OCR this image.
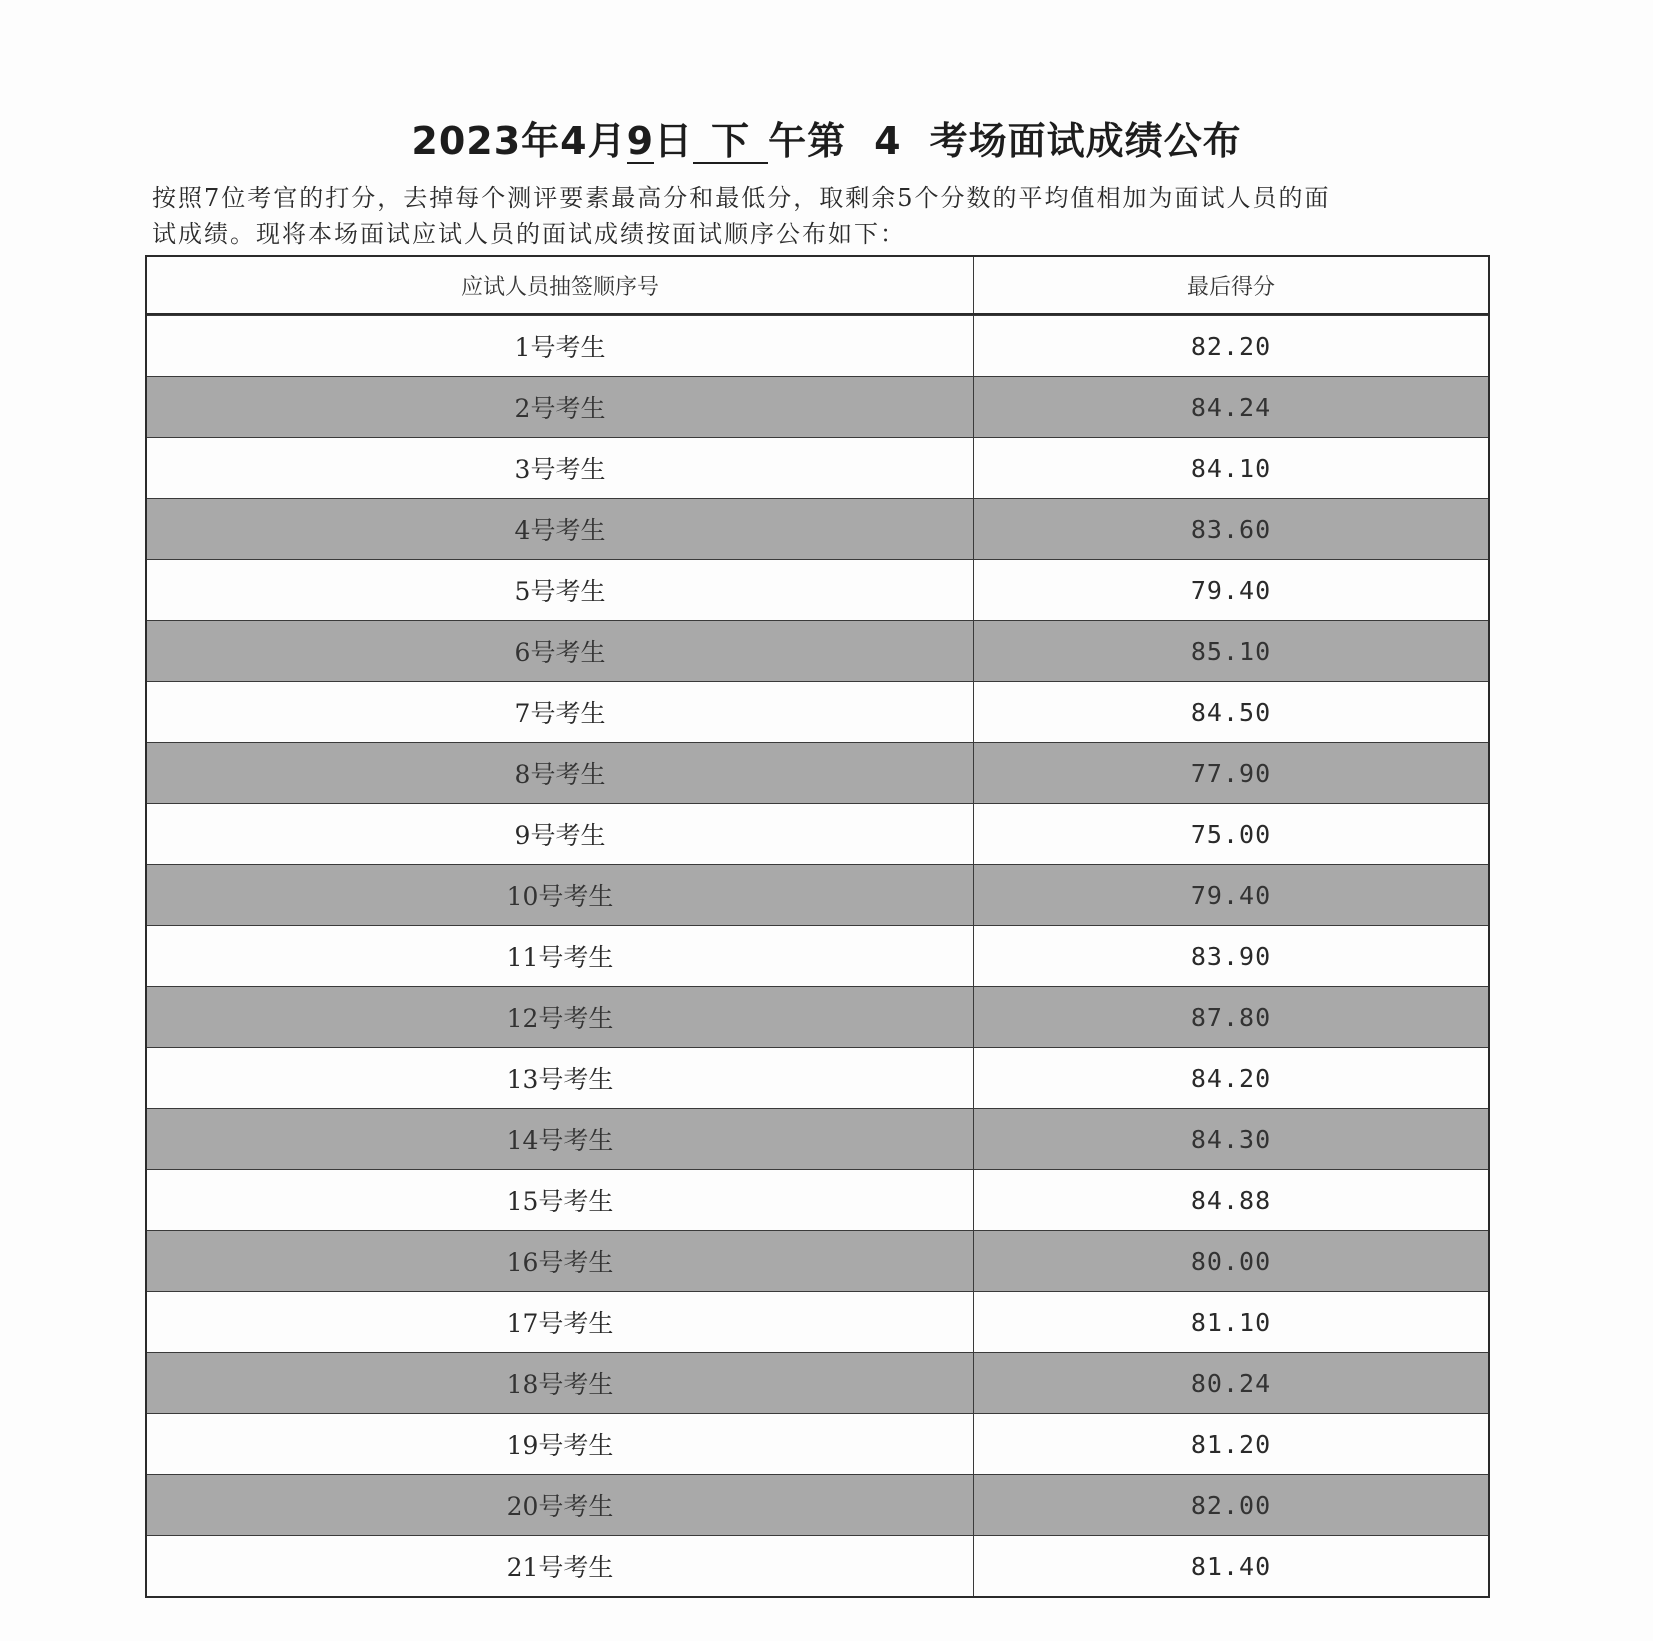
2023年4月9日 下 午第 4 考场面试成绩公布
按照7位考官的打分，去掉每个测评要素最高分和最低分，取剩余5个分数的平均值相加为面试人员的面
试成绩。现将本场面试应试人员的面试成绩按面试顺序公布如下：
应试人员抽签顺序号	最后得分
1号考生	82.20
2号考生	84.24
3号考生	84.10
4号考生	83.60
5号考生	79.40
6号考生	85.10
7号考生	84.50
8号考生	77.90
9号考生	75.00
10号考生	79.40
11号考生	83.90
12号考生	87.80
13号考生	84.20
14号考生	84.30
15号考生	84.88
16号考生	80.00
17号考生	81.10
18号考生	80.24
19号考生	81.20
20号考生	82.00
21号考生	81.40
